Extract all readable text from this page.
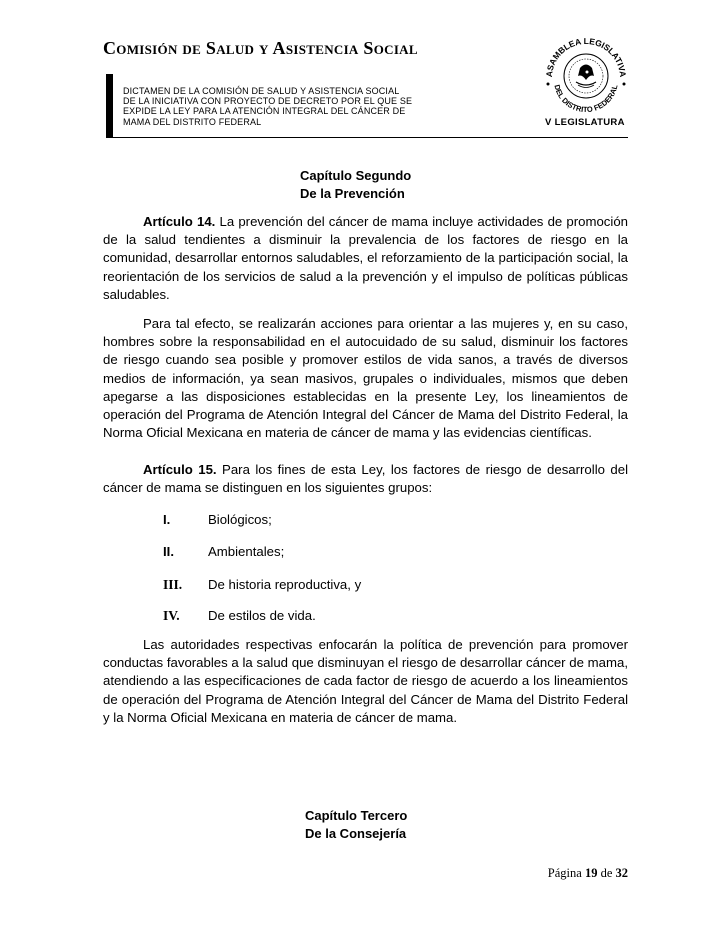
Comisión de Salud y Asistencia Social
DICTAMEN DE LA COMISIÓN DE SALUD Y ASISTENCIA SOCIAL
DE LA INICIATIVA CON PROYECTO DE DECRETO POR EL QUE SE
EXPIDE LA LEY PARA LA ATENCIÓN INTEGRAL DEL CÁNCER DE
MAMA DEL DISTRITO FEDERAL
ASAMBLEA LEGISLATIVA
DEL DISTRITO FEDERAL
V LEGISLATURA
Capítulo Segundo
De la Prevención
Artículo 14. La prevención del cáncer de mama incluye actividades de promoción de la salud tendientes a disminuir la prevalencia de los factores de riesgo en la comunidad, desarrollar entornos saludables, el reforzamiento de la participación social, la reorientación de los servicios de salud a la prevención y el impulso de políticas públicas saludables.
Para tal efecto, se realizarán acciones para orientar a las mujeres y, en su caso, hombres sobre la responsabilidad en el autocuidado de su salud, disminuir los factores de riesgo cuando sea posible y promover estilos de vida sanos, a través de diversos medios de información, ya sean masivos, grupales o individuales, mismos que deben apegarse a las disposiciones establecidas en la presente Ley, los lineamientos de operación del Programa de Atención Integral del Cáncer de Mama del Distrito Federal, la Norma Oficial Mexicana en materia de cáncer de mama y las evidencias científicas.
Artículo 15. Para los fines de esta Ley, los factores de riesgo de desarrollo del cáncer de mama se distinguen en los siguientes grupos:
I.	Biológicos;
II.	Ambientales;
III. De historia reproductiva, y
IV. De estilos de vida.
Las autoridades respectivas enfocarán la política de prevención para promover conductas favorables a la salud que disminuyan el riesgo de desarrollar cáncer de mama, atendiendo a las especificaciones de cada factor de riesgo de acuerdo a los lineamientos de operación del Programa de Atención Integral del Cáncer de Mama del Distrito Federal y la Norma Oficial Mexicana en materia de cáncer de mama.
Capítulo Tercero
De la Consejería
Página 19 de 32
